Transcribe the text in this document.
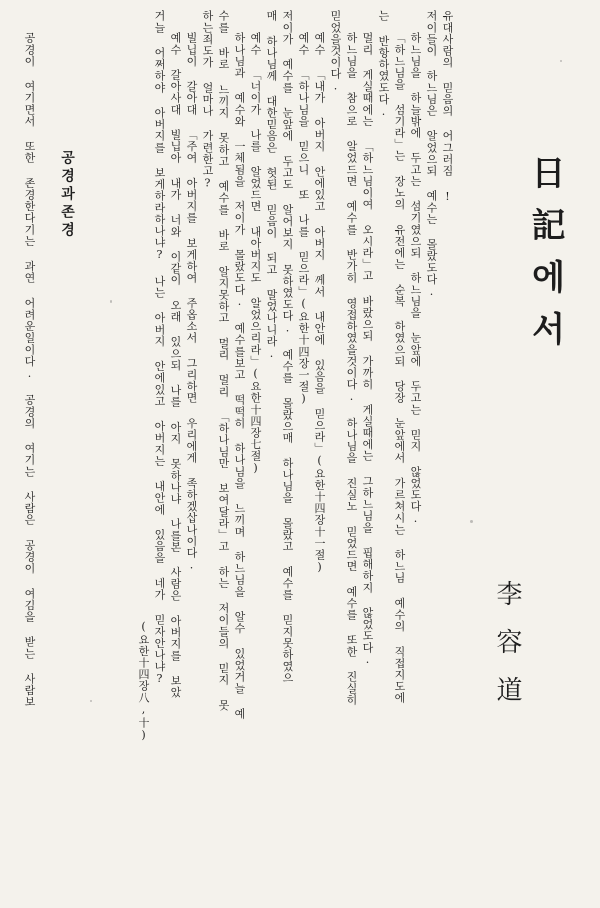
日記에서
李容道
유대사람의 믿음의 어그러짐 !
저이들이 하느님은 알었으되 예수는 몰랐도다.
하느님을 하늘밖에 두고는 섬기였으되 하느님을 눈앞에 두고는 믿지 않었도다.
「하느님을 섬기라」는 장노의 유전에는 순복 하였으되 당장 눈앞에서 가르쳐시는 하느님 예수의 직접지도에
는 반항하였도다.
멀리 게실때에는 「하느님이여 오시라」고 바랐으되 가까히 게실때에는 그하느님을 핍해하지 않었도다.
하느님을 참으로 알었드면 예수를 반가히 영접하였을것이다. 하나님을 진실노 믿었드면 예수를 또한 진실히
믿었을것이다.
예수 「내가 아버지 안에있고 아버지 께서 내안에 있음을 믿으라」(요한十四장十一절)
예수 「하나님을 믿으니 또 나를 믿으라」(요한十四장一절)
저이가 예수를 눈앞에 두고도 알어보지 못하였도다. 예수를 몰랐으매 하나님을 몰랐고 예수를 믿지못하였으
매 하나님께 대한믿음은 헛된 믿음이 되고 말었나니라.
예수 「너이가 나를 알었드면 내아버지도 알었으리라」(요한十四장七절)
하나님과 예수와 一체됨을 저이가 몰랐도다. 예수를보고 떡떡히 하나님을 느끼며 하느님을 알수 있었거늘 예
수를 바로 느끼지 못하고 예수를 바로 알지못하고 멀리 멀리 「하나님만 보여달라」고 하는 저이들의 믿지 못
하는죄도가 얼마나 가련한고?
빌닙이 갈아대 「주여 아버지를 보게하여 주옵소서 그리하면 우리에게 족하겠삽나이다.
예수 갈아사대 빌닙아 내가 너와 이같이 오래 있으되 나를 아지 못하나냐 나를본 사람은 아버지를 보았
거늘 어쩌하야 아버지를 보게하라하나냐? 나는 아버지 안에있고 아버지는 내안에 있음을 네가 믿자안나냐?
(요한十四장八,十)
공경과존경
공경이 여기면서 또한 존경한다기는 과연 어려운일이다. 공경의 여기는 사람은 공경이 여김을 받는 사람보
